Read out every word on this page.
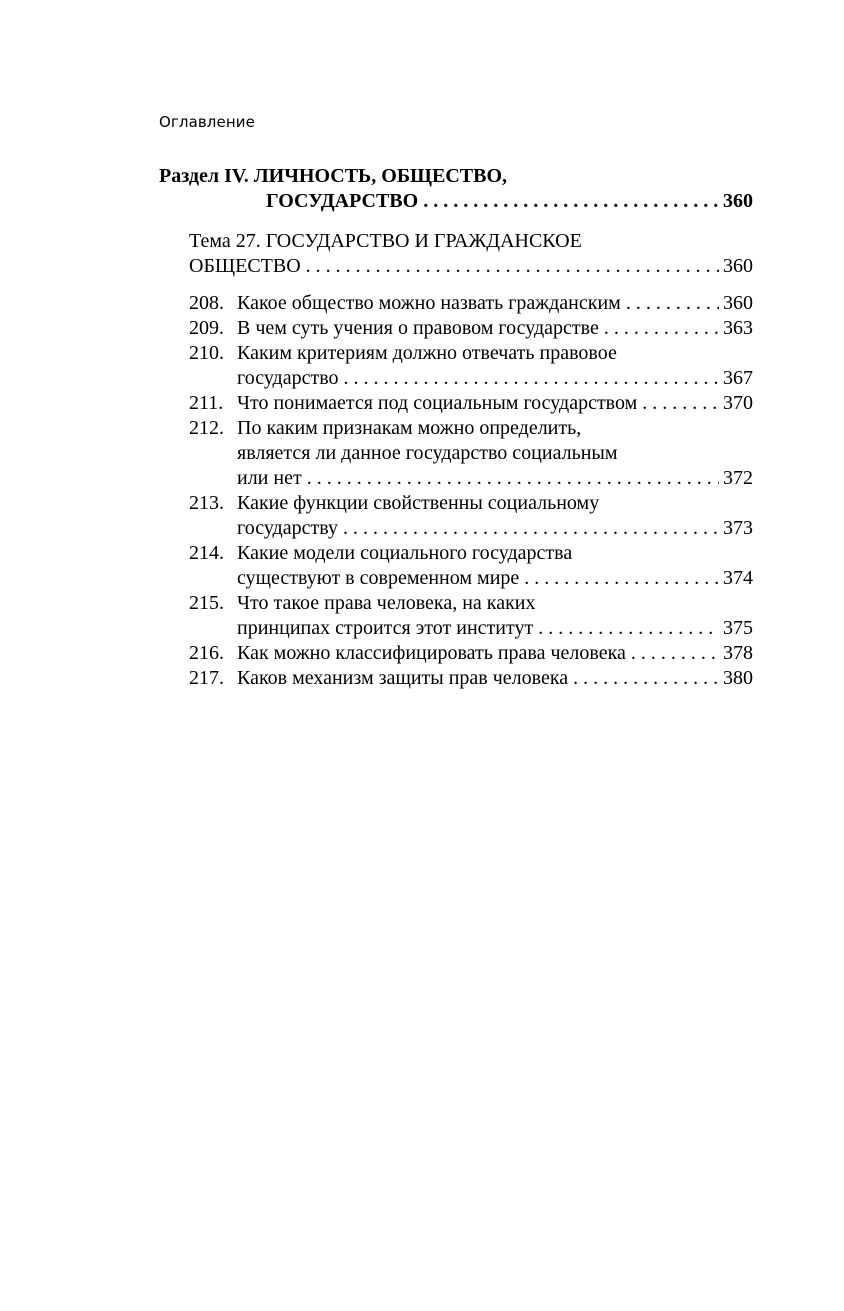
Оглавление
Раздел IV. ЛИЧНОСТЬ, ОБЩЕСТВО,
ГОСУДАРСТВО . . .	360
Тема 27. ГОСУДАРСТВО И ГРАЖДАНСКОЕ
ОБЩЕСТВО . . .	360
208. Какое общество можно назвать гражданским . . .	360
209. В чем суть учения о правовом государстве . . .	363
210. Каким критериям должно отвечать правовое
государство . . .	367
211. Что понимается под социальным государством . . .	370
212. По каким признакам можно определить,
является ли данное государство социальным
или нет . . .	372
213. Какие функции свойственны социальному
государству . . .	373
214. Какие модели социального государства
существуют в современном мире . . .	374
215. Что такое права человека, на каких
принципах строится этот институт . . .	375
216. Как можно классифицировать права человека . . .	378
217. Каков механизм защиты прав человека . . .	380
